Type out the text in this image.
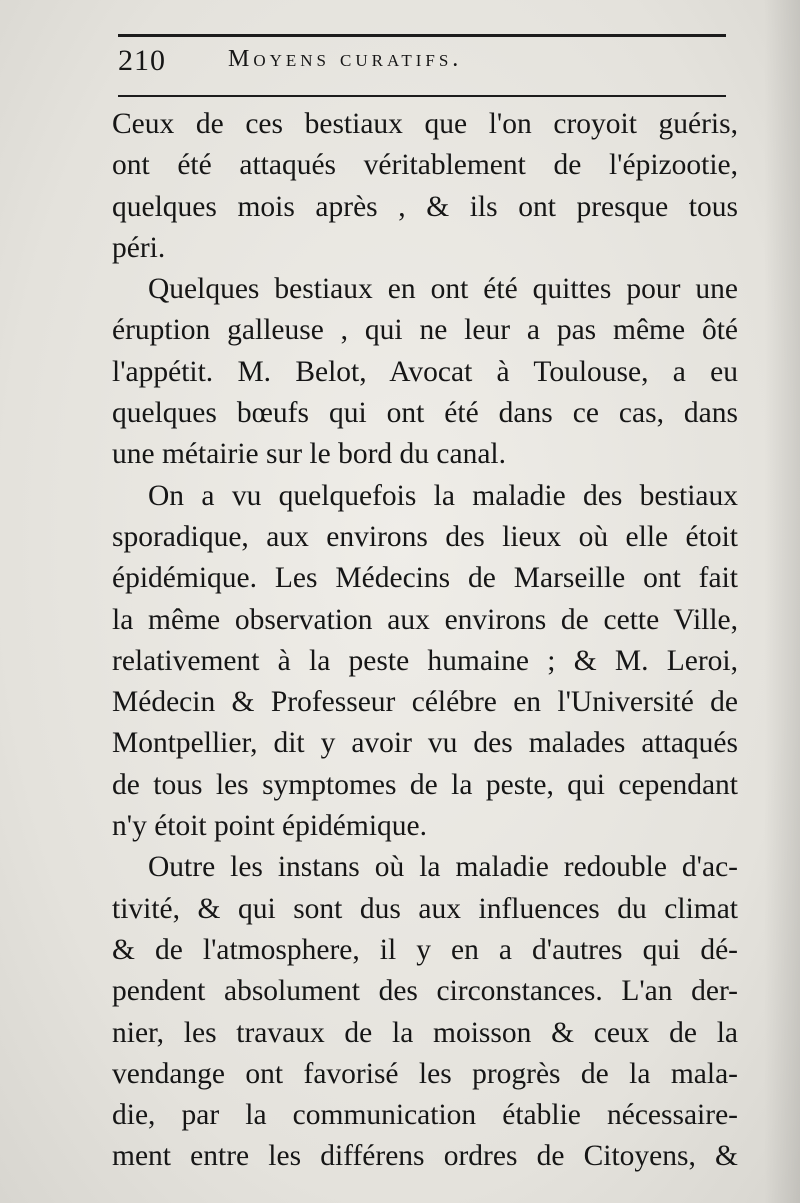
210	Moyens curatifs.
Ceux de ces bestiaux que l'on croyoit guéris,
ont été attaqués véritablement de l'épizootie,
quelques mois après , & ils ont presque tous
péri.
Quelques bestiaux en ont été quittes pour une
éruption galleuse , qui ne leur a pas même ôté
l'appétit. M. Belot, Avocat à Toulouse, a eu
quelques bœufs qui ont été dans ce cas, dans
une métairie sur le bord du canal.
On a vu quelquefois la maladie des bestiaux
sporadique, aux environs des lieux où elle étoit
épidémique. Les Médecins de Marseille ont fait
la même observation aux environs de cette Ville,
relativement à la peste humaine ; & M. Leroi,
Médecin & Professeur célébre en l'Université de
Montpellier, dit y avoir vu des malades attaqués
de tous les symptomes de la peste, qui cependant
n'y étoit point épidémique.
Outre les instans où la maladie redouble d'ac-
tivité, & qui sont dus aux influences du climat
& de l'atmosphere, il y en a d'autres qui dé-
pendent absolument des circonstances. L'an der-
nier, les travaux de la moisson & ceux de la
vendange ont favorisé les progrès de la mala-
die, par la communication établie nécessaire-
ment entre les différens ordres de Citoyens, &
